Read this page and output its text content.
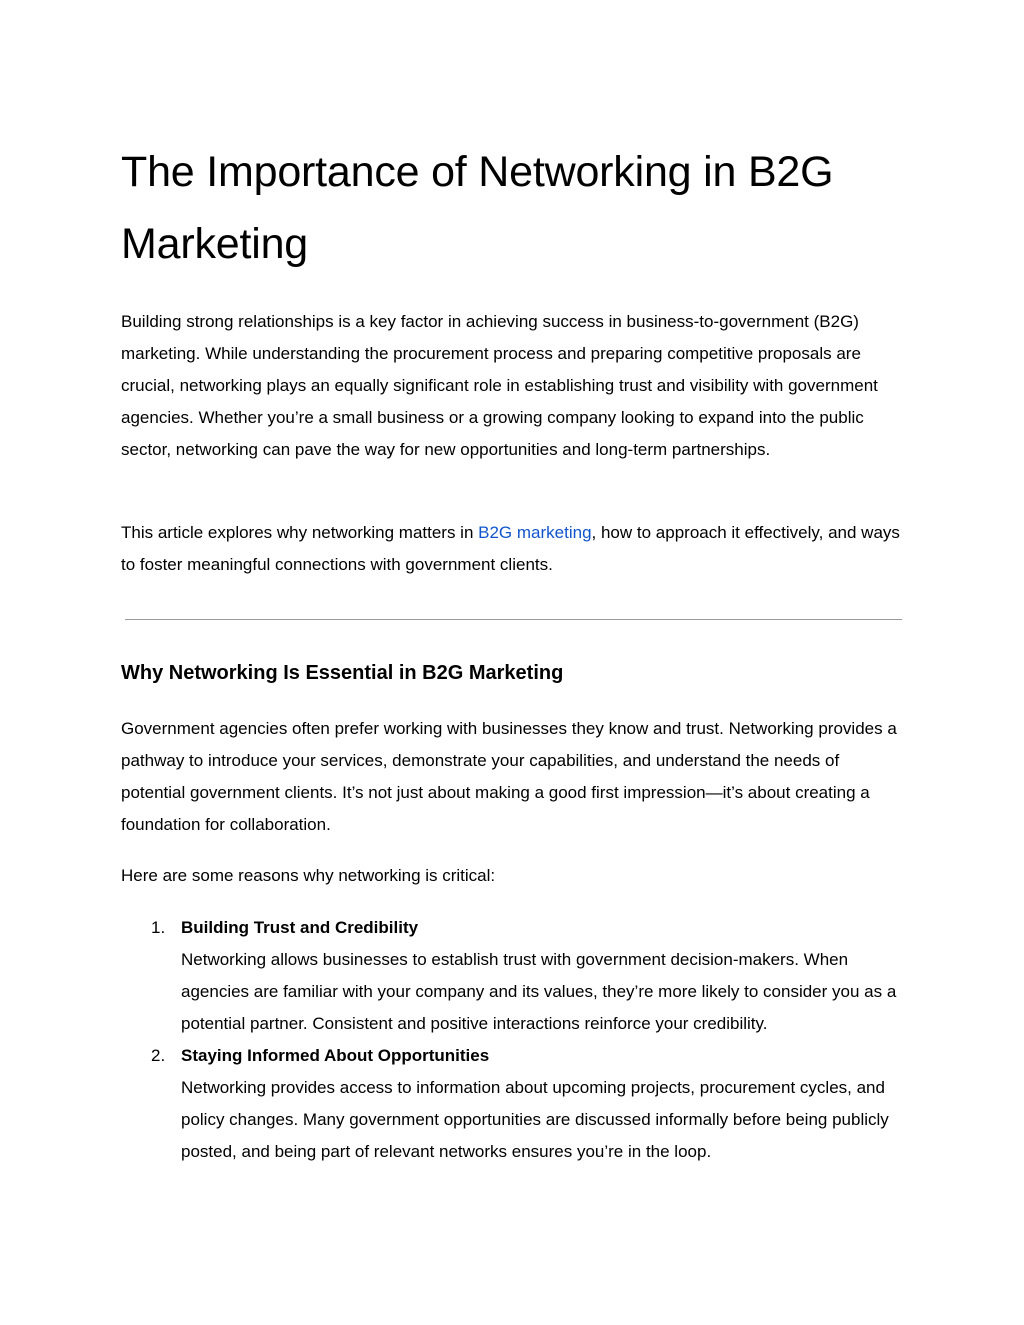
The Importance of Networking in B2G Marketing

Building strong relationships is a key factor in achieving success in business-to-government (B2G) marketing. While understanding the procurement process and preparing competitive proposals are crucial, networking plays an equally significant role in establishing trust and visibility with government agencies. Whether you’re a small business or a growing company looking to expand into the public sector, networking can pave the way for new opportunities and long-term partnerships.

This article explores why networking matters in B2G marketing, how to approach it effectively, and ways to foster meaningful connections with government clients.

Why Networking Is Essential in B2G Marketing

Government agencies often prefer working with businesses they know and trust. Networking provides a pathway to introduce your services, demonstrate your capabilities, and understand the needs of potential government clients. It’s not just about making a good first impression—it’s about creating a foundation for collaboration.

Here are some reasons why networking is critical:

1. Building Trust and Credibility
Networking allows businesses to establish trust with government decision-makers. When agencies are familiar with your company and its values, they’re more likely to consider you as a potential partner. Consistent and positive interactions reinforce your credibility.
2. Staying Informed About Opportunities
Networking provides access to information about upcoming projects, procurement cycles, and policy changes. Many government opportunities are discussed informally before being publicly posted, and being part of relevant networks ensures you’re in the loop.
